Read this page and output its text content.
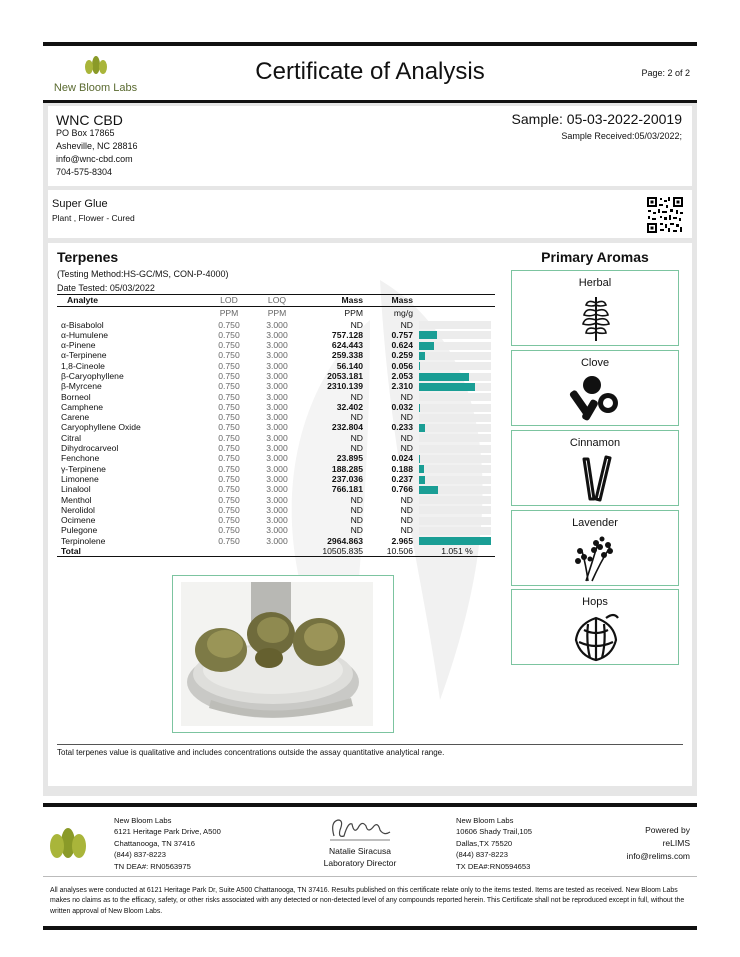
New Bloom Labs
Certificate of Analysis	Page: 2 of 2
WNC CBD
PO Box 17865
Asheville, NC 28816
info@wnc-cbd.com
704-575-8304
Sample: 05-03-2022-20019
Sample Received:05/03/2022;
Super Glue
Plant , Flower - Cured
Terpenes
(Testing Method:HS-GC/MS, CON-P-4000)
Date Tested: 05/03/2022
Analyte	LOD	LOQ	Mass	Mass	
	PPM	PPM	PPM	mg/g	
α-Bisabolol	0.750	3.000	ND	ND	

α-Humulene	0.750	3.000	757.128	0.757	

α-Pinene	0.750	3.000	624.443	0.624	

α-Terpinene	0.750	3.000	259.338	0.259	

1,8-Cineole	0.750	3.000	56.140	0.056	

β-Caryophyllene	0.750	3.000	2053.181	2.053	

β-Myrcene	0.750	3.000	2310.139	2.310	

Borneol	0.750	3.000	ND	ND	

Camphene	0.750	3.000	32.402	0.032	

Carene	0.750	3.000	ND	ND	

Caryophyllene Oxide	0.750	3.000	232.804	0.233	

Citral	0.750	3.000	ND	ND	

Dihydrocarveol	0.750	3.000	ND	ND	

Fenchone	0.750	3.000	23.895	0.024	

γ-Terpinene	0.750	3.000	188.285	0.188	

Limonene	0.750	3.000	237.036	0.237	

Linalool	0.750	3.000	766.181	0.766	

Menthol	0.750	3.000	ND	ND	

Nerolidol	0.750	3.000	ND	ND	

Ocimene	0.750	3.000	ND	ND	

Pulegone	0.750	3.000	ND	ND	

Terpinolene	0.750	3.000	2964.863	2.965	

Total			10505.835	10.506	1.051 %
Primary Aromas
Herbal
Clove
Cinnamon
Lavender
Hops
Total terpenes value is qualitative and includes concentrations outside the assay quantitative analytical range.
New Bloom Labs
6121 Heritage Park Drive, A500
Chattanooga, TN 37416
(844) 837-8223
TN DEA#: RN0563975
Natalie Siracusa
Laboratory Director
New Bloom Labs
10606 Shady Trail,105
Dallas,TX 75520
(844) 837-8223
TX DEA#:RN0594653
Powered by
reLIMS
info@relims.com
All analyses were conducted at 6121 Heritage Park Dr, Suite A500 Chattanooga, TN 37416. Results published on this certificate relate only to the items tested. Items are tested as received. New Bloom Labs makes no claims as to the efficacy, safety, or other risks associated with any detected or non-detected level of any compounds reported herein. This Certificate shall not be reproduced except in full, without the written approval of New Bloom Labs.
